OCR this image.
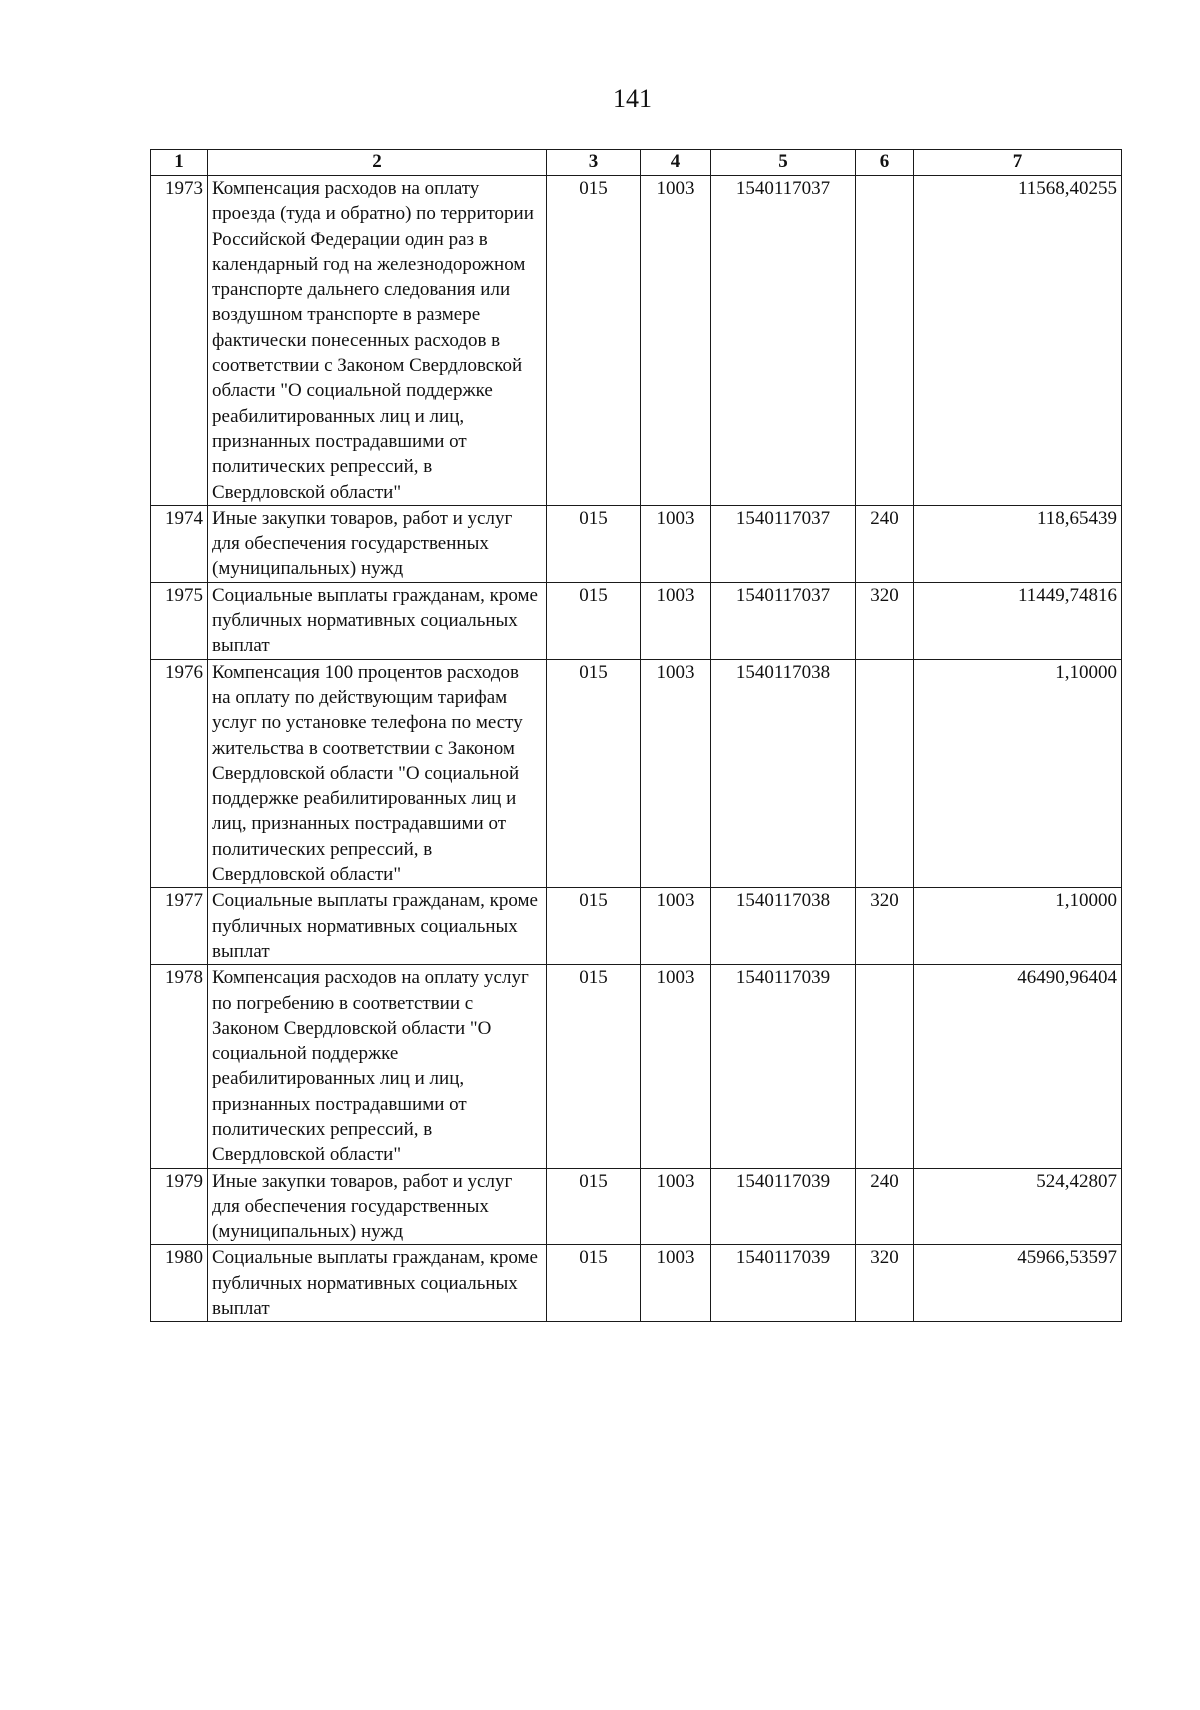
141
1	2	3	4	5	6	7
1973	Компенсация расходов на оплату проезда (туда и обратно) по территории Российской Федерации один раз в календарный год на железнодорожном транспорте дальнего следования или воздушном транспорте в размере фактически понесенных расходов в соответствии с Законом Свердловской области "О социальной поддержке реабилитированных лиц и лиц, признанных пострадавшими от политических репрессий, в Свердловской области"	015	1003	1540117037		11568,40255
1974	Иные закупки товаров, работ и услуг для обеспечения государственных (муниципальных) нужд	015	1003	1540117037	240	118,65439
1975	Социальные выплаты гражданам, кроме публичных нормативных социальных выплат	015	1003	1540117037	320	11449,74816
1976	Компенсация 100 процентов расходов на оплату по действующим тарифам услуг по установке телефона по месту жительства в соответствии с Законом Свердловской области "О социальной поддержке реабилитированных лиц и лиц, признанных пострадавшими от политических репрессий, в Свердловской области"	015	1003	1540117038		1,10000
1977	Социальные выплаты гражданам, кроме публичных нормативных социальных выплат	015	1003	1540117038	320	1,10000
1978	Компенсация расходов на оплату услуг по погребению в соответствии с Законом Свердловской области "О социальной поддержке реабилитированных лиц и лиц, признанных пострадавшими от политических репрессий, в Свердловской области"	015	1003	1540117039		46490,96404
1979	Иные закупки товаров, работ и услуг для обеспечения государственных (муниципальных) нужд	015	1003	1540117039	240	524,42807
1980	Социальные выплаты гражданам, кроме публичных нормативных социальных выплат	015	1003	1540117039	320	45966,53597
